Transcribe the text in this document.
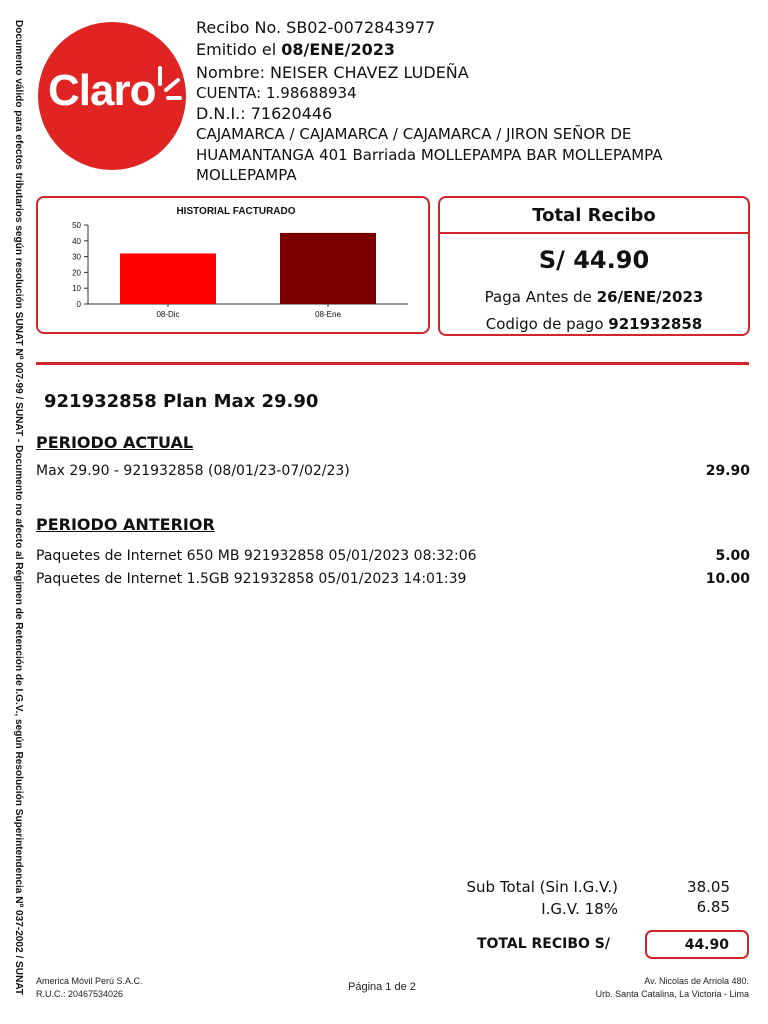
Documento válido para efectos tributarios según resolución SUNAT Nº 007-99 / SUNAT - Documento no afecto al Régimen de Retención de I.G.V., según Resolución Superintendencia Nº 037-2002 / SUNAT Claro
Recibo No. SB02-0072843977
Emitido el 08/ENE/2023
Nombre: NEISER CHAVEZ LUDEÑA
CUENTA: 1.98688934
D.N.I.: 71620446
CAJAMARCA / CAJAMARCA / CAJAMARCA / JIRON SEÑOR DE
HUAMANTANGA 401 Barriada MOLLEPAMPA BAR MOLLEPAMPA
MOLLEPAMPA
HISTORIAL FACTURADO
0
10
20
30
40
50
08-Dic	08-Ene
Total Recibo
S/ 44.90
Paga Antes de 26/ENE/2023
Codigo de pago 921932858
921932858 Plan Max 29.90
PERIODO ACTUAL
Max 29.90 - 921932858 (08/01/23-07/02/23)	29.90
PERIODO ANTERIOR
Paquetes de Internet 650 MB 921932858 05/01/2023 08:32:06	5.00
Paquetes de Internet 1.5GB 921932858 05/01/2023 14:01:39	10.00
Sub Total (Sin I.G.V.)	38.05
I.G.V. 18%	6.85
TOTAL RECIBO S/	44.90
America Móvil Perú S.A.C.
R.U.C.: 20467534026
Página 1 de 2	Av. Nicolas de Arriola 480.
Urb. Santa Catalina, La Victoria - Lima
